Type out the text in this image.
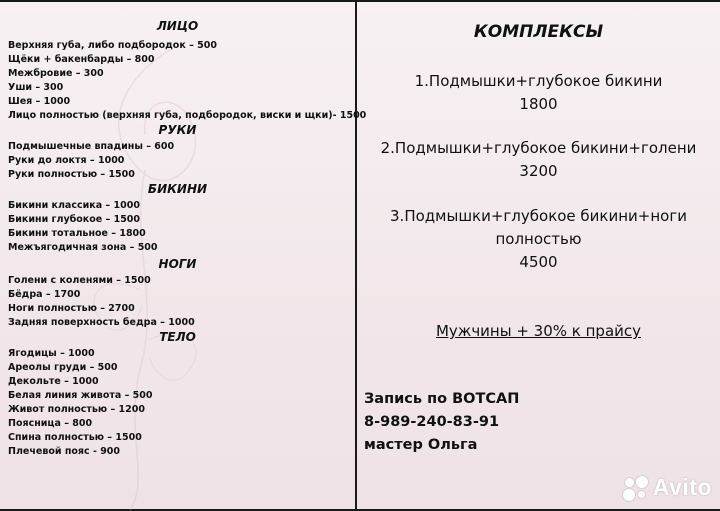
ЛИЦО
Верхняя губа, либо подбородок – 500
Щёки + бакенбарды – 800
Межбровие – 300
Уши – 300
Шея – 1000
Лицо полностью (верхняя губа, подбородок, виски и щки)- 1500
РУКИ
Подмышечные впадины – 600
Руки до локтя – 1000
Руки полностью – 1500
БИКИНИ
Бикини классика – 1000
Бикини глубокое – 1500
Бикини тотальное – 1800
Межъягодичная зона – 500
НОГИ
Голени с коленями – 1500
Бёдра – 1700
Ноги полностью – 2700
Задняя поверхность бедра – 1000
ТЕЛО
Ягодицы – 1000
Ареолы груди – 500
Декольте – 1000
Белая линия живота – 500
Живот полностью – 1200
Поясница – 800
Спина полностью – 1500
Плечевой пояс - 900
КОМПЛЕКСЫ
1.Подмышки+глубокое бикини
1800
2.Подмышки+глубокое бикини+голени
3200
3.Подмышки+глубокое бикини+ноги
полностью
4500
Мужчины + 30% к прайсу
Запись по ВОТСАП
8-989-240-83-91
мастер Ольга
Avito
